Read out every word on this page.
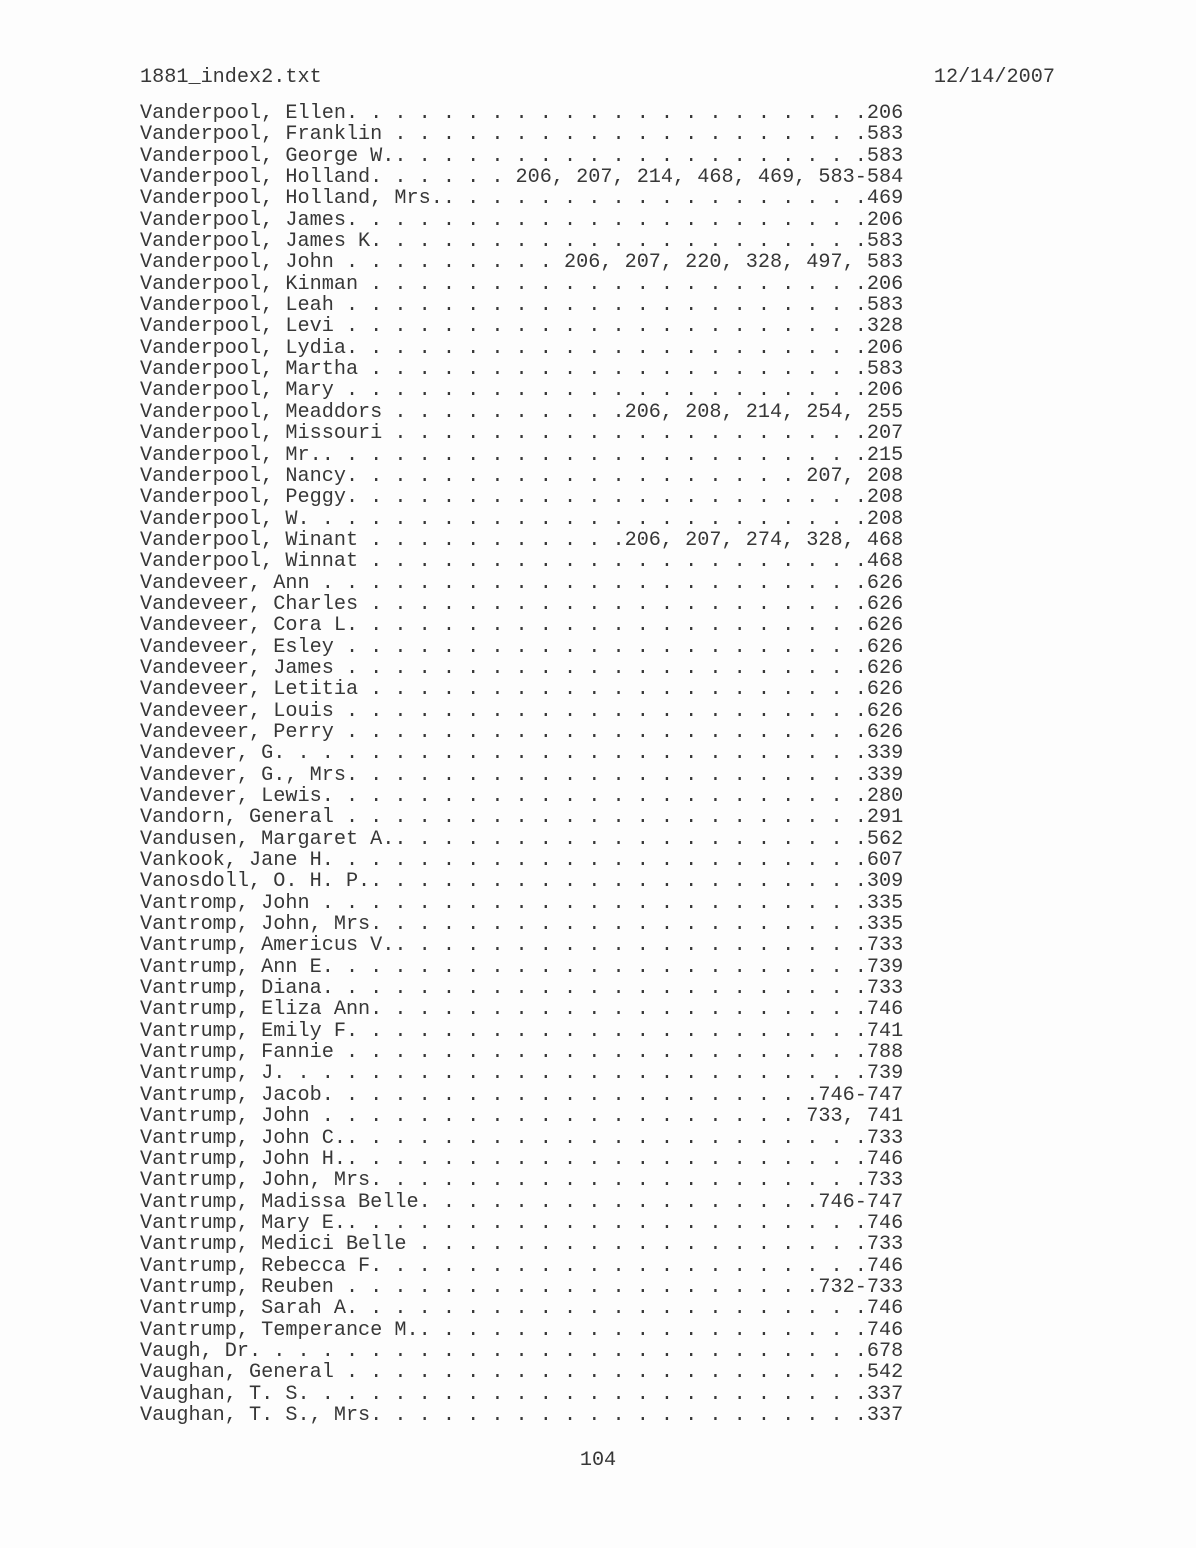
1881_index2.txt	12/14/2007
Vanderpool, Ellen. . . . . . . . . . . . . . . . . . . . . .206
Vanderpool, Franklin . . . . . . . . . . . . . . . . . . . .583
Vanderpool, George W.. . . . . . . . . . . . . . . . . . . .583
Vanderpool, Holland. . . . . . 206, 207, 214, 468, 469, 583-584
Vanderpool, Holland, Mrs.. . . . . . . . . . . . . . . . . .469
Vanderpool, James. . . . . . . . . . . . . . . . . . . . . .206
Vanderpool, James K. . . . . . . . . . . . . . . . . . . . .583
Vanderpool, John . . . . . . . . . 206, 207, 220, 328, 497, 583
Vanderpool, Kinman . . . . . . . . . . . . . . . . . . . . .206
Vanderpool, Leah . . . . . . . . . . . . . . . . . . . . . .583
Vanderpool, Levi . . . . . . . . . . . . . . . . . . . . . .328
Vanderpool, Lydia. . . . . . . . . . . . . . . . . . . . . .206
Vanderpool, Martha . . . . . . . . . . . . . . . . . . . . .583
Vanderpool, Mary . . . . . . . . . . . . . . . . . . . . . .206
Vanderpool, Meaddors . . . . . . . . . .206, 208, 214, 254, 255
Vanderpool, Missouri . . . . . . . . . . . . . . . . . . . .207
Vanderpool, Mr.. . . . . . . . . . . . . . . . . . . . . . .215
Vanderpool, Nancy. . . . . . . . . . . . . . . . . . . 207, 208
Vanderpool, Peggy. . . . . . . . . . . . . . . . . . . . . .208
Vanderpool, W. . . . . . . . . . . . . . . . . . . . . . . .208
Vanderpool, Winant . . . . . . . . . . .206, 207, 274, 328, 468
Vanderpool, Winnat . . . . . . . . . . . . . . . . . . . . .468
Vandeveer, Ann . . . . . . . . . . . . . . . . . . . . . . .626
Vandeveer, Charles . . . . . . . . . . . . . . . . . . . . .626
Vandeveer, Cora L. . . . . . . . . . . . . . . . . . . . . .626
Vandeveer, Esley . . . . . . . . . . . . . . . . . . . . . .626
Vandeveer, James . . . . . . . . . . . . . . . . . . . . . .626
Vandeveer, Letitia . . . . . . . . . . . . . . . . . . . . .626
Vandeveer, Louis . . . . . . . . . . . . . . . . . . . . . .626
Vandeveer, Perry . . . . . . . . . . . . . . . . . . . . . .626
Vandever, G. . . . . . . . . . . . . . . . . . . . . . . . .339
Vandever, G., Mrs. . . . . . . . . . . . . . . . . . . . . .339
Vandever, Lewis. . . . . . . . . . . . . . . . . . . . . . .280
Vandorn, General . . . . . . . . . . . . . . . . . . . . . .291
Vandusen, Margaret A.. . . . . . . . . . . . . . . . . . . .562
Vankook, Jane H. . . . . . . . . . . . . . . . . . . . . . .607
Vanosdoll, O. H. P.. . . . . . . . . . . . . . . . . . . . .309
Vantromp, John . . . . . . . . . . . . . . . . . . . . . . .335
Vantromp, John, Mrs. . . . . . . . . . . . . . . . . . . . .335
Vantrump, Americus V.. . . . . . . . . . . . . . . . . . . .733
Vantrump, Ann E. . . . . . . . . . . . . . . . . . . . . . .739
Vantrump, Diana. . . . . . . . . . . . . . . . . . . . . . .733
Vantrump, Eliza Ann. . . . . . . . . . . . . . . . . . . . .746
Vantrump, Emily F. . . . . . . . . . . . . . . . . . . . . .741
Vantrump, Fannie . . . . . . . . . . . . . . . . . . . . . .788
Vantrump, J. . . . . . . . . . . . . . . . . . . . . . . . .739
Vantrump, Jacob. . . . . . . . . . . . . . . . . . . . .746-747
Vantrump, John . . . . . . . . . . . . . . . . . . . . 733, 741
Vantrump, John C.. . . . . . . . . . . . . . . . . . . . . .733
Vantrump, John H.. . . . . . . . . . . . . . . . . . . . . .746
Vantrump, John, Mrs. . . . . . . . . . . . . . . . . . . . .733
Vantrump, Madissa Belle. . . . . . . . . . . . . . . . .746-747
Vantrump, Mary E.. . . . . . . . . . . . . . . . . . . . . .746
Vantrump, Medici Belle . . . . . . . . . . . . . . . . . . .733
Vantrump, Rebecca F. . . . . . . . . . . . . . . . . . . . .746
Vantrump, Reuben . . . . . . . . . . . . . . . . . . . .732-733
Vantrump, Sarah A. . . . . . . . . . . . . . . . . . . . . .746
Vantrump, Temperance M.. . . . . . . . . . . . . . . . . . .746
Vaugh, Dr. . . . . . . . . . . . . . . . . . . . . . . . . .678
Vaughan, General . . . . . . . . . . . . . . . . . . . . . .542
Vaughan, T. S. . . . . . . . . . . . . . . . . . . . . . . .337
Vaughan, T. S., Mrs. . . . . . . . . . . . . . . . . . . . .337
104
